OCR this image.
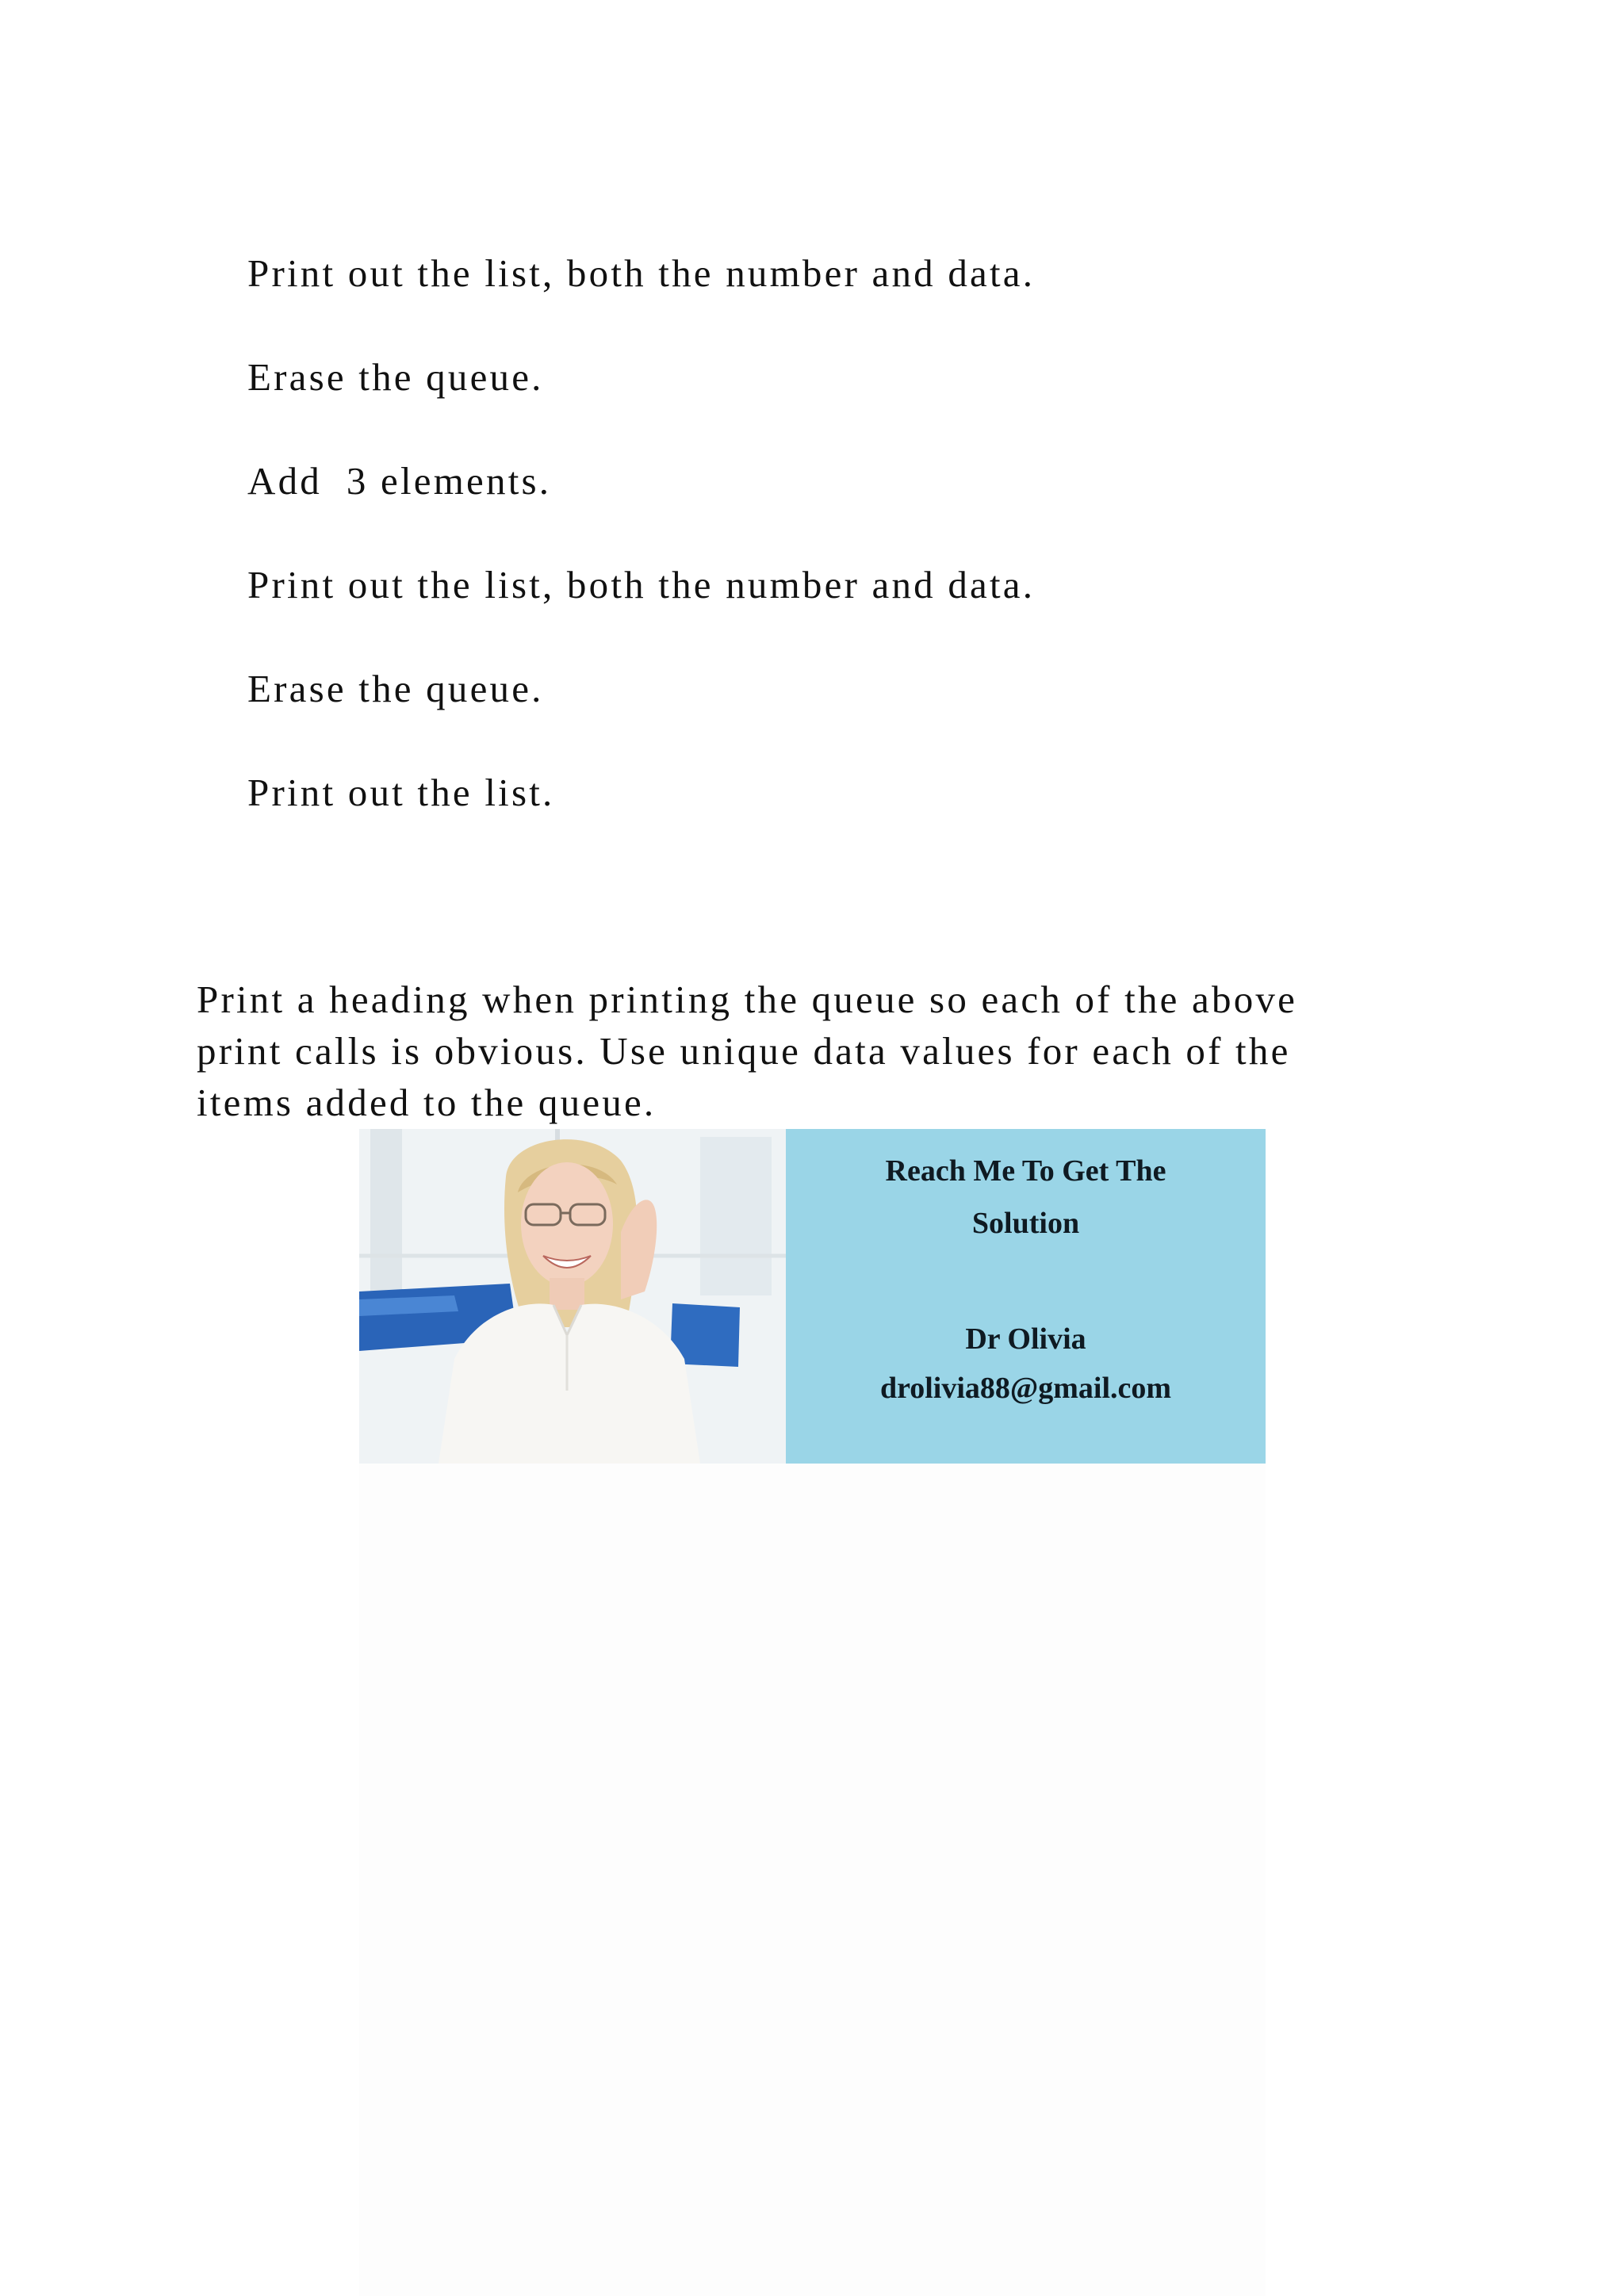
Print out the list, both the number and data.

Erase the queue.

Add  3 elements.

Print out the list, both the number and data.

Erase the queue.

Print out the list.

Print a heading when printing the queue so each of the above
print calls is obvious. Use unique data values for each of the
items added to the queue.

Reach Me To Get The

Solution

Dr Olivia

drolivia88@gmail.com
